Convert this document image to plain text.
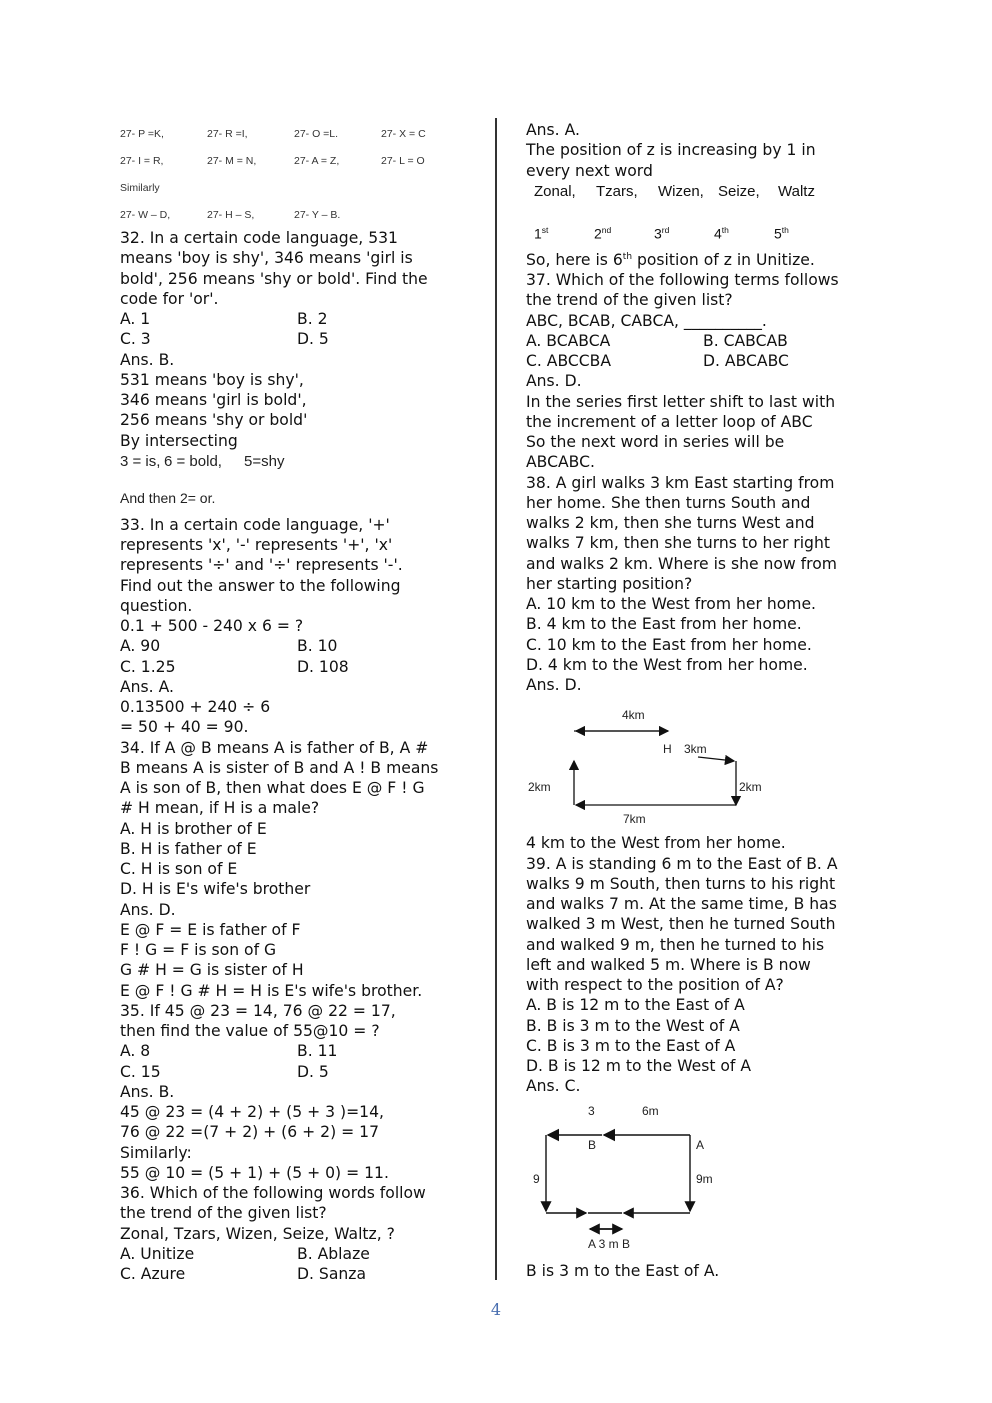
27- P =K,	27- R =I,	27- O =L.	27- X = C
27- I = R,	27- M = N,	27- A = Z,	27- L = O
Similarly
27- W – D,	27- H – S,	27- Y – B.
32. In a certain code language, 531
means 'boy is shy', 346 means 'girl is
bold', 256 means 'shy or bold'. Find the
code for 'or'.
A. 1	B. 2
C. 3	D. 5
Ans. B.
531 means 'boy is shy',
346 means 'girl is bold',
256 means 'shy or bold'
By intersecting
3 = is, 6 = bold,	5=shy
And then 2= or.
33. In a certain code language, '+'
represents 'x', '-' represents '+', 'x'
represents '÷' and '÷' represents '-'.
Find out the answer to the following
question.
0.1 + 500 - 240 x 6 = ?
A. 90	B. 10
C. 1.25	D. 108
Ans. A.
0.13500 + 240 ÷ 6
= 50 + 40 = 90.
34. If A @ B means A is father of B, A #
B means A is sister of B and A ! B means
A is son of B, then what does E @ F ! G
# H mean, if H is a male?
A. H is brother of E
B. H is father of E
C. H is son of E
D. H is E's wife's brother
Ans. D.
E @ F = E is father of F
F ! G = F is son of G
G # H = G is sister of H
E @ F ! G # H = H is E's wife's brother.
35. If 45 @ 23 = 14, 76 @ 22 = 17,
then find the value of 55@10 = ?
A. 8	B. 11
C. 15	D. 5
Ans. B.
45 @ 23 = (4 + 2) + (5 + 3 )=14,
76 @ 22 =(7 + 2) + (6 + 2) = 17
Similarly:
55 @ 10 = (5 + 1) + (5 + 0) = 11.
36. Which of the following words follow
the trend of the given list?
Zonal, Tzars, Wizen, Seize, Waltz, ?
A. Unitize	B. Ablaze
C. Azure	D. Sanza
Ans. A.
The position of z is increasing by 1 in
every next word
Zonal,	Tzars,	Wizen, Seize,	Waltz
1st	2nd	3rd	4th	5th
So, here is 6th position of z in Unitize.
37. Which of the following terms follows
the trend of the given list?
ABC, BCAB, CABCA, __________.
A. BCABCA	B. CABCAB
C. ABCCBA	D. ABCABC
Ans. D.
In the series first letter shift to last with
the increment of a letter loop of ABC
So the next word in series will be
ABCABC.
38. A girl walks 3 km East starting from
her home. She then turns South and
walks 2 km, then she turns West and
walks 7 km, then she turns to her right
and walks 2 km. Where is she now from
her starting position?
A. 10 km to the West from her home.
B. 4 km to the East from her home.
C. 10 km to the East from her home.
D. 4 km to the West from her home.
Ans. D.
4km
H 3km
2km	2km
7km
4 km to the West from her home.
39. A is standing 6 m to the East of B. A
walks 9 m South, then turns to his right
and walks 7 m. At the same time, B has
walked 3 m West, then he turned South
and walked 9 m, then he turned to his
left and walked 5 m. Where is B now
with respect to the position of A?
A. B is 12 m to the East of A
B. B is 3 m to the West of A
C. B is 3 m to the East of A
D. B is 12 m to the West of A
Ans. C.
3	6m
B	A
9	9m
A 3 m B
B is 3 m to the East of A.
4
